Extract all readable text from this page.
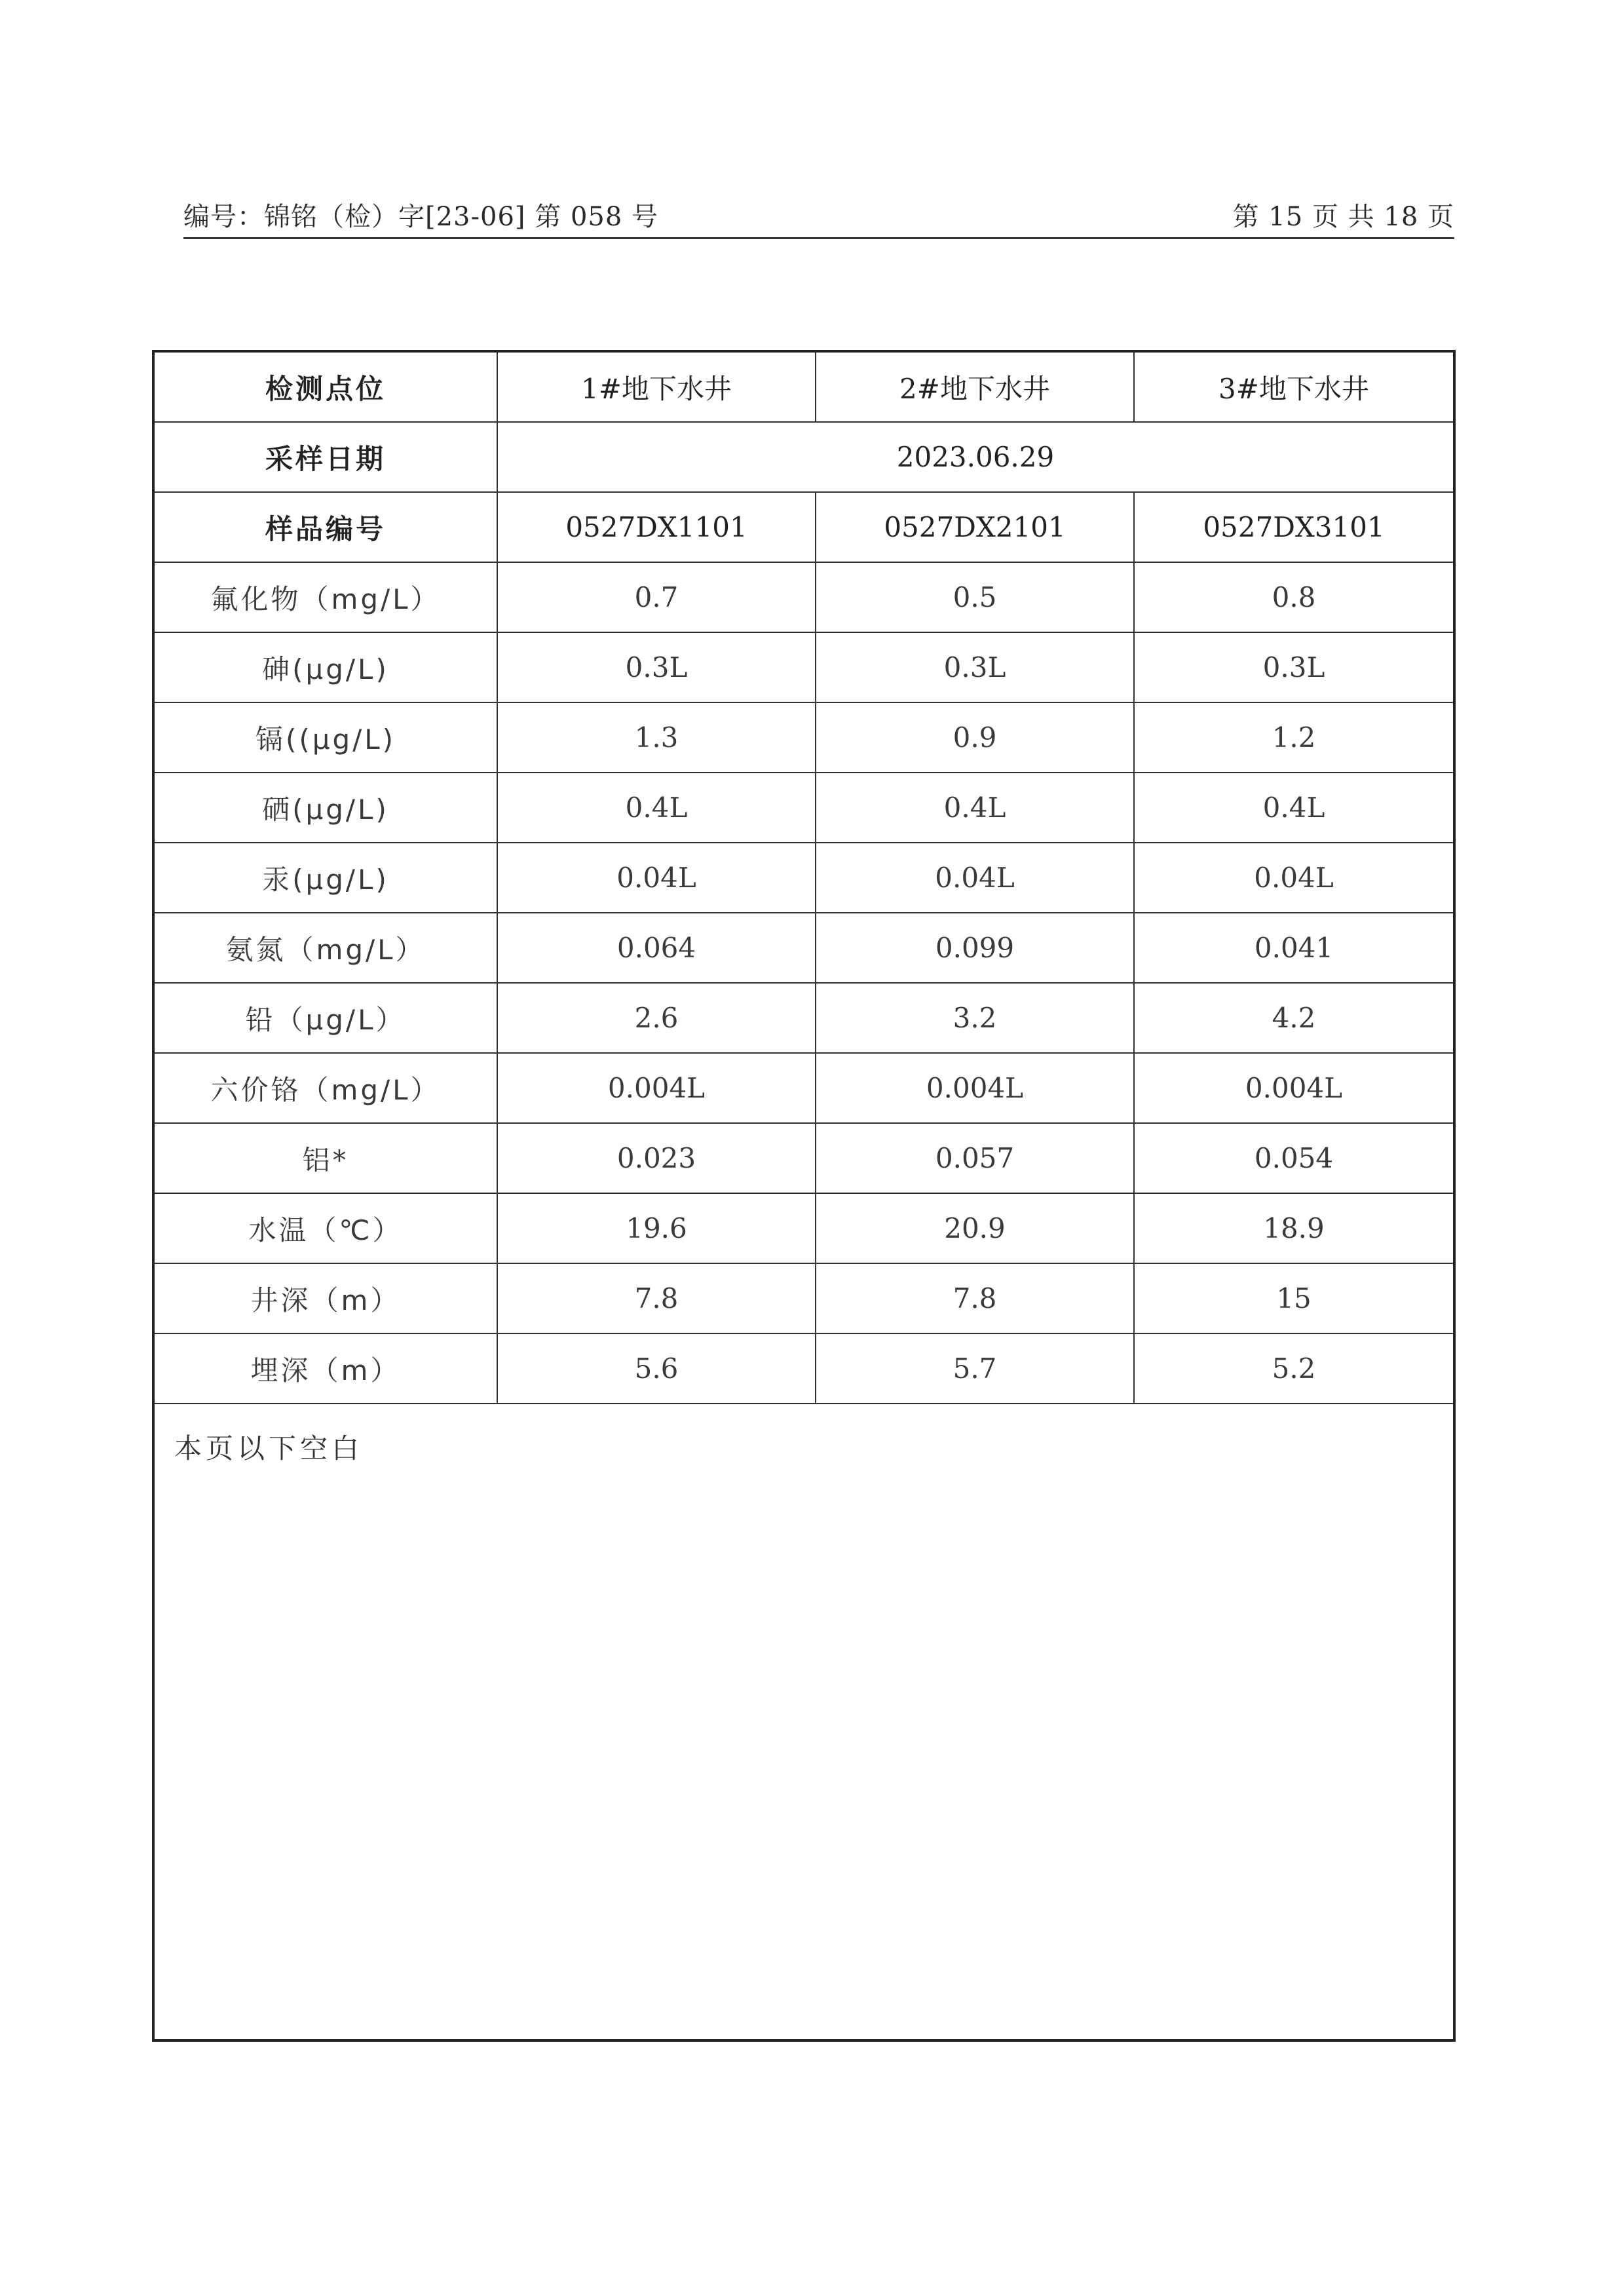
编号：锦铭（检）字[23-06] 第 058 号	第 15 页 共 18 页
检测点位	1#地下水井	2#地下水井	3#地下水井
采样日期	2023.06.29		
样品编号	0527DX1101	0527DX2101	0527DX3101
氟化物（mg/L）	0.7	0.5	0.8
砷(μg/L)	0.3L	0.3L	0.3L
镉((μg/L)	1.3	0.9	1.2
硒(μg/L)	0.4L	0.4L	0.4L
汞(μg/L)	0.04L	0.04L	0.04L
氨氮（mg/L）	0.064	0.099	0.041
铅（μg/L）	2.6	3.2	4.2
六价铬（mg/L）	0.004L	0.004L	0.004L
铝*	0.023	0.057	0.054
水温（℃）	19.6	20.9	18.9
井深（m）	7.8	7.8	15
埋深（m）	5.6	5.7	5.2
本页以下空白
